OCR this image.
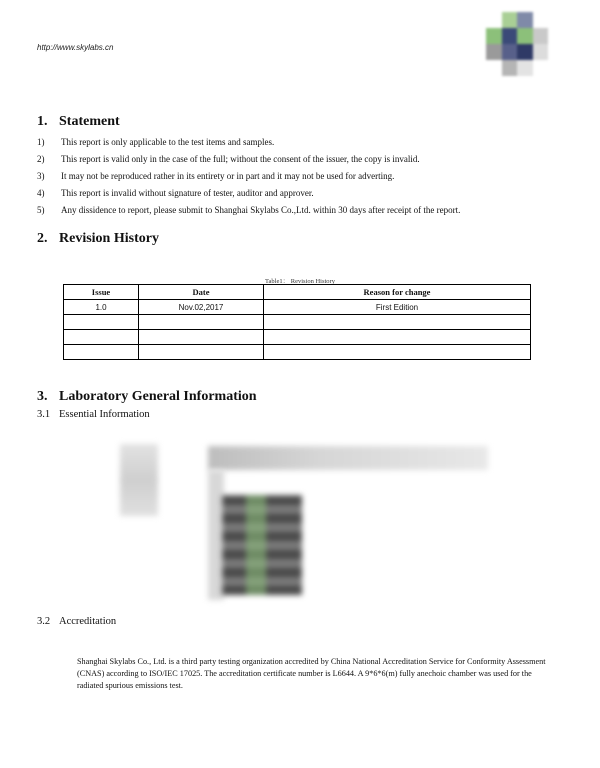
http://www.skylabs.cn
1. Statement
1) This report is only applicable to the test items and samples.
2) This report is valid only in the case of the full; without the consent of the issuer, the copy is invalid.
3) It may not be reproduced rather in its entirety or in part and it may not be used for adverting.
4) This report is invalid without signature of tester, auditor and approver.
5) Any dissidence to report, please submit to Shanghai Skylabs Co.,Ltd. within 30 days after receipt of the report.
2. Revision History
Table1： Revision History
Issue	Date	Reason for change
1.0	Nov.02,2017	First Edition

3. Laboratory General Information
3.1 Essential Information
3.2 Accreditation

Shanghai Skylabs Co., Ltd. is a third party testing organization accredited by China National Accreditation Service for Conformity Assessment (CNAS) according to ISO/IEC 17025. The accreditation certificate number is L6644. A 9*6*6(m) fully anechoic chamber was used for the radiated spurious emissions test.
